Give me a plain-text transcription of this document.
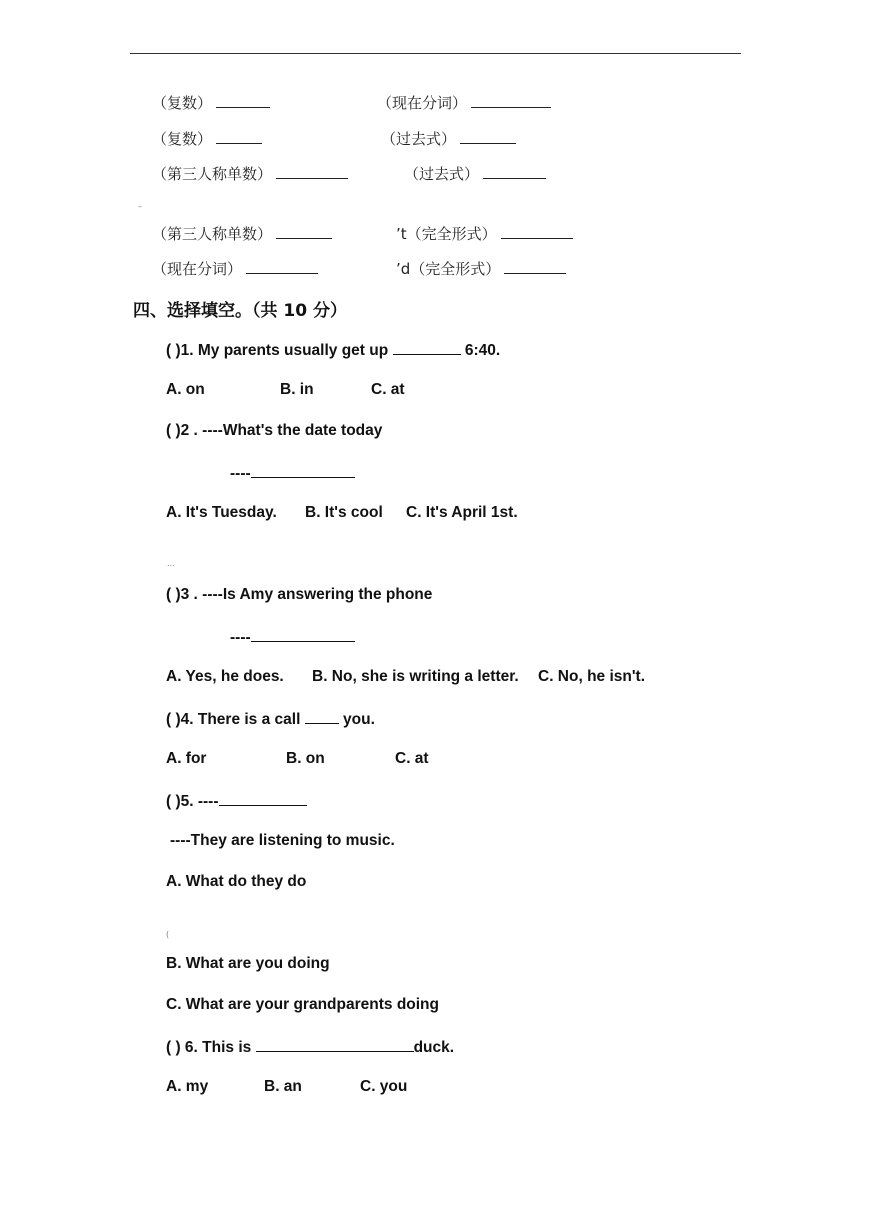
（复数）	（现在分词）
（复数）	（过去式）
（第三人称单数）	（过去式）
–
（第三人称单数）	’t（完全形式）
（现在分词）	’d（完全形式）
四、选择填空。（共 10 分）
( )1. My parents usually get up	6:40.
A. on	B. in	C. at
( )2 . ----What's the date today
----
A. It's Tuesday. B. It's cool C. It's April 1st.
...
( )3 . ----Is Amy answering the phone
----
A. Yes, he does. B. No, she is writing a letter. C. No, he isn't.
( )4. There is a call  you.
A. for	B. on	C. at
( )5. ----
----They are listening to music.
A. What do they do
(
B. What are you doing
C. What are your grandparents doing
( ) 6. This is	duck.
A. my	B. an	C. you
